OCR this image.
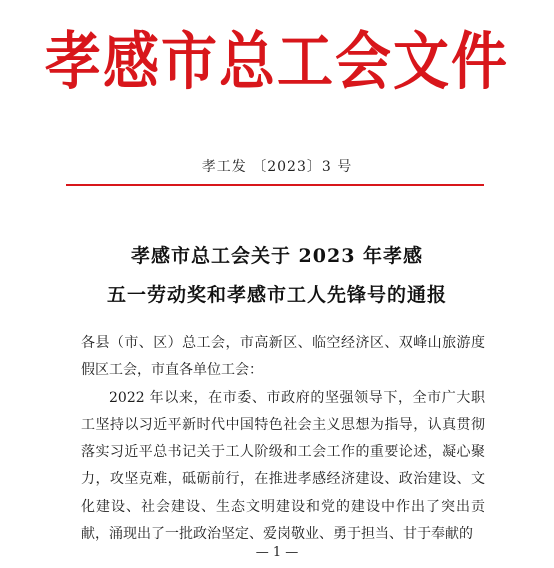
孝感市总工会文件
孝工发 〔2023〕3 号
孝感市总工会关于 2023 年孝感
五一劳动奖和孝感市工人先锋号的通报

各县（市、区）总工会，市高新区、临空经济区、双峰山旅游度假区工会，市直各单位工会：

2022 年以来，在市委、市政府的坚强领导下，全市广大职工坚持以习近平新时代中国特色社会主义思想为指导，认真贯彻落实习近平总书记关于工人阶级和工会工作的重要论述，凝心聚力，攻坚克难，砥砺前行，在推进孝感经济建设、政治建设、文化建设、社会建设、生态文明建设和党的建设中作出了突出贡献，涌现出了一批政治坚定、爱岗敬业、勇于担当、甘于奉献的

— 1 —
